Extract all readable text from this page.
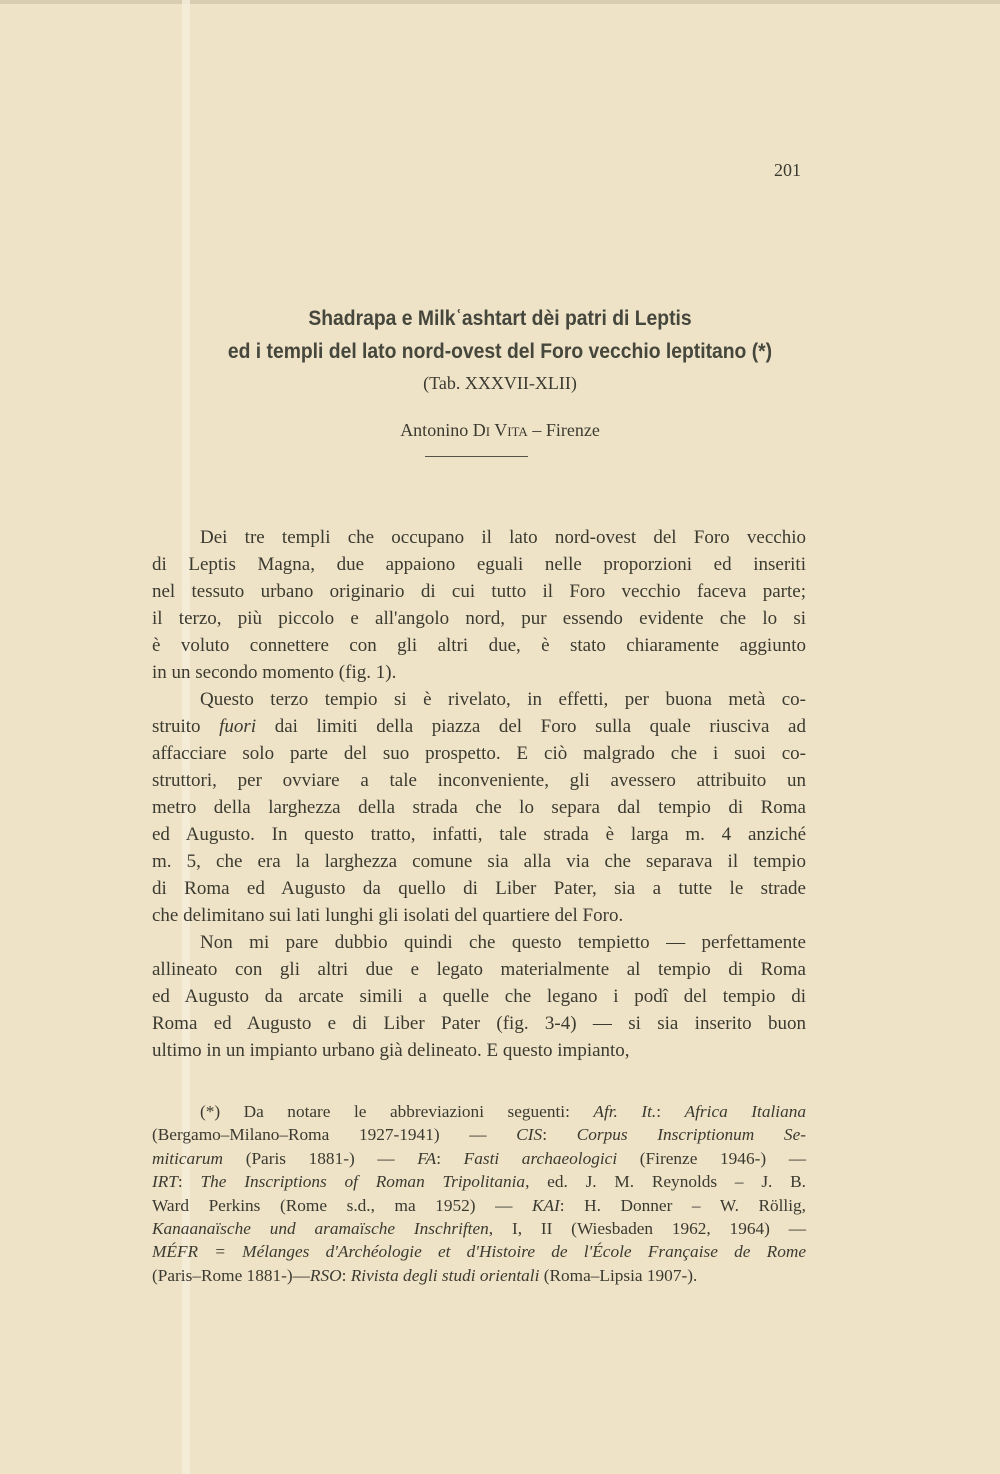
201
Shadrapa e Milkʿashtart dèi patri di Leptis
ed i templi del lato nord-ovest del Foro vecchio leptitano (*)
(Tab. XXXVII-XLII)
Antonino Di Vita – Firenze
Dei tre templi che occupano il lato nord-ovest del Foro vecchio
di Leptis Magna, due appaiono eguali nelle proporzioni ed inseriti
nel tessuto urbano originario di cui tutto il Foro vecchio faceva parte;
il terzo, più piccolo e all'angolo nord, pur essendo evidente che lo si
è voluto connettere con gli altri due, è stato chiaramente aggiunto
in un secondo momento (fig. 1).
Questo terzo tempio si è rivelato, in effetti, per buona metà co-
struito fuori dai limiti della piazza del Foro sulla quale riusciva ad
affacciare solo parte del suo prospetto. E ciò malgrado che i suoi co-
struttori, per ovviare a tale inconveniente, gli avessero attribuito un
metro della larghezza della strada che lo separa dal tempio di Roma
ed Augusto. In questo tratto, infatti, tale strada è larga m. 4 anziché
m. 5, che era la larghezza comune sia alla via che separava il tempio
di Roma ed Augusto da quello di Liber Pater, sia a tutte le strade
che delimitano sui lati lunghi gli isolati del quartiere del Foro.
Non mi pare dubbio quindi che questo tempietto — perfettamente
allineato con gli altri due e legato materialmente al tempio di Roma
ed Augusto da arcate simili a quelle che legano i podî del tempio di
Roma ed Augusto e di Liber Pater (fig. 3-4) — si sia inserito buon
ultimo in un impianto urbano già delineato. E questo impianto,
(*) Da notare le abbreviazioni seguenti: Afr. It.: Africa Italiana
(Bergamo–Milano–Roma 1927-1941) — CIS: Corpus Inscriptionum Se-
miticarum (Paris 1881-) — FA: Fasti archaeologici (Firenze 1946-) —
IRT: The Inscriptions of Roman Tripolitania, ed. J. M. Reynolds – J. B.
Ward Perkins (Rome s.d., ma 1952) — KAI: H. Donner – W. Röllig,
Kanaanaïsche und aramaïsche Inschriften, I, II (Wiesbaden 1962, 1964) —
MÉFR = Mélanges d'Archéologie et d'Histoire de l'École Française de Rome
(Paris–Rome 1881-)—RSO: Rivista degli studi orientali (Roma–Lipsia 1907-).
